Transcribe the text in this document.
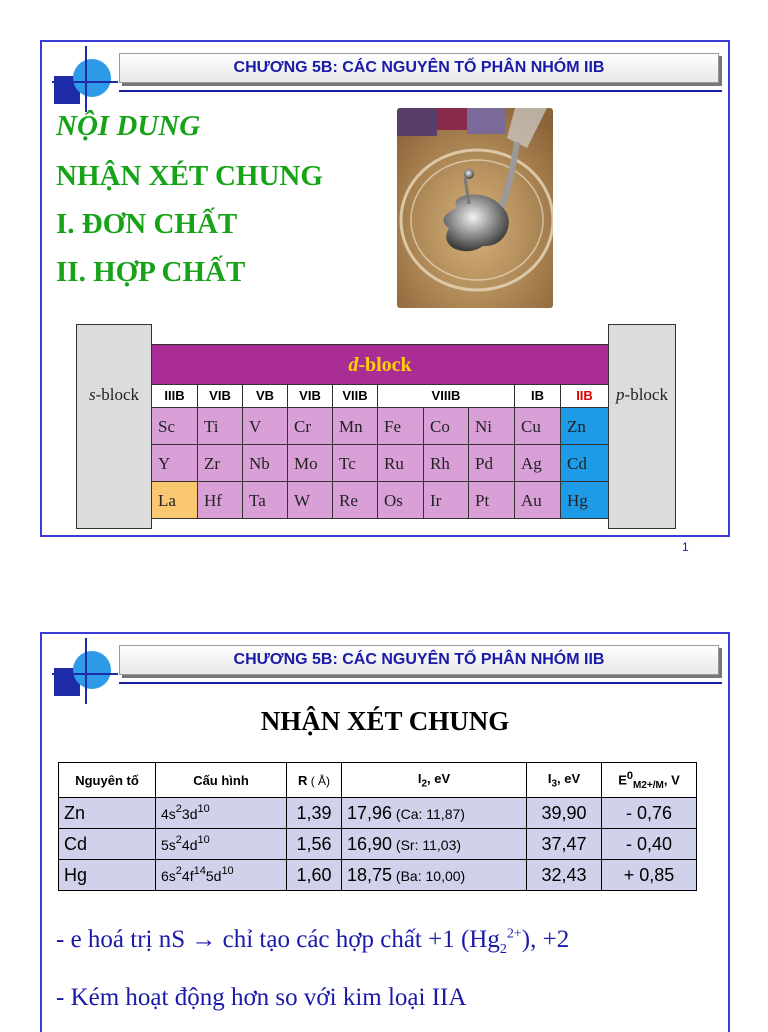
CHƯƠNG 5B: CÁC NGUYÊN TỐ PHÂN NHÓM IIB
NỘI DUNG
NHẬN XÉT CHUNG
I. ĐƠN CHẤT
II. HỢP CHẤT
s-block
d-block
IIIB	VIB	VB	VIB	VIIB	VIIIB	IB	IIB
Sc	Ti	V	Cr	Mn	Fe	Co	Ni	Cu	Zn
Y	Zr	Nb	Mo	Tc	Ru	Rh	Pd	Ag	Cd
La	Hf	Ta	W	Re	Os	Ir	Pt	Au	Hg
p-block
1
CHƯƠNG 5B: CÁC NGUYÊN TỐ PHÂN NHÓM IIB
NHẬN XÉT CHUNG
Nguyên tố	Cấu hình	R ( Å)	$I_2$, eV	$I_3$, eV	$E^0_{M2+/M}$, V
Zn	$4s^23d^{10}$	1,39	17,96 (Ca: 11,87)	39,90	- 0,76
Cd	$5s^24d^{10}$	1,56	16,90 (Sr: 11,03)	37,47	- 0,40
Hg	$6s^24f^{14}5d^{10}$	1,60	18,75 (Ba: 10,00)	32,43	+ 0,85
- e hoá trị nS → chỉ tạo các hợp chất +1 $(Hg_2^{2+})$, +2
- Kém hoạt động hơn so với kim loại IIA
